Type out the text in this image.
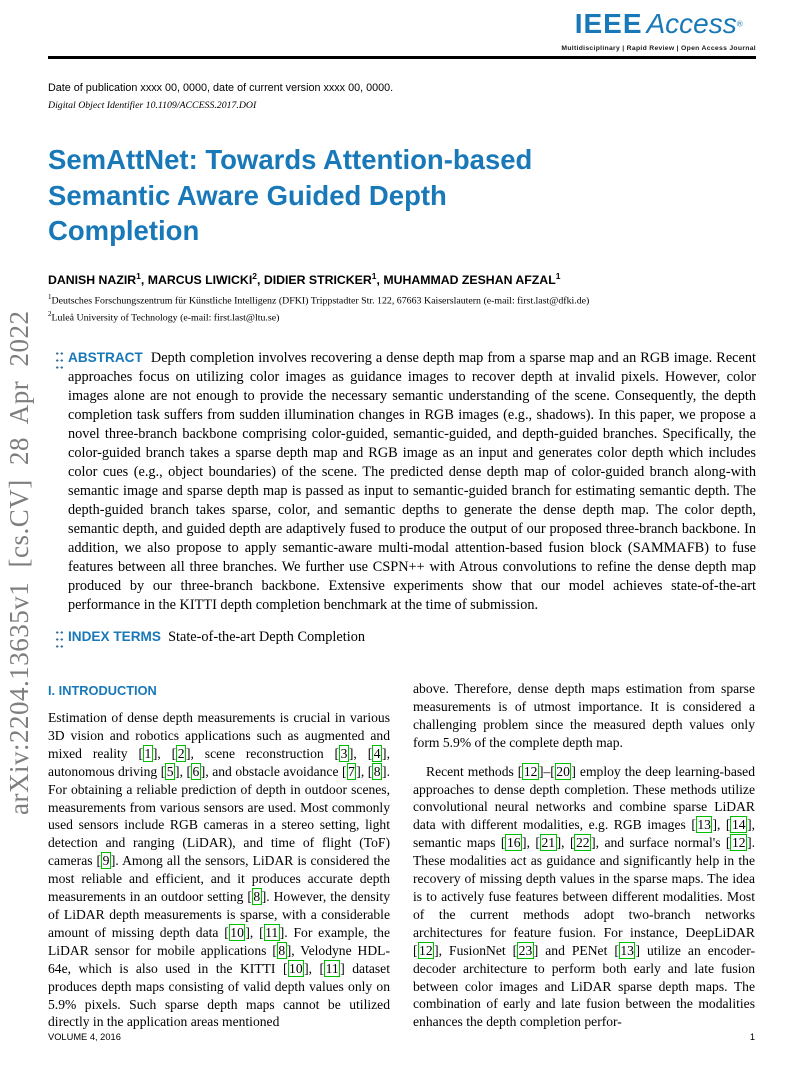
IEEE Access®
Multidisciplinary | Rapid Review | Open Access Journal
Date of publication xxxx 00, 0000, date of current version xxxx 00, 0000.
Digital Object Identifier 10.1109/ACCESS.2017.DOI
arXiv:2204.13635v1 [cs.CV] 28 Apr 2022
SemAttNet: Towards Attention-based
Semantic Aware Guided Depth
Completion
DANISH NAZIR$^1$, MARCUS LIWICKI$^2$, DIDIER STRICKER$^1$, MUHAMMAD ZESHAN AFZAL$^1$
$^1$Deutsches Forschungszentrum für Künstliche Intelligenz (DFKI) Trippstadter Str. 122, 67663 Kaiserslautern (e-mail: first.last@dfki.de)
$^2$Luleå University of Technology (e-mail: first.last@ltu.se)

ABSTRACT Depth completion involves recovering a dense depth map from a sparse map and an RGB image. Recent approaches focus on utilizing color images as guidance images to recover depth at invalid pixels. However, color images alone are not enough to provide the necessary semantic understanding of the scene. Consequently, the depth completion task suffers from sudden illumination changes in RGB images (e.g., shadows). In this paper, we propose a novel three-branch backbone comprising color-guided, semantic-guided, and depth-guided branches. Specifically, the color-guided branch takes a sparse depth map and RGB image as an input and generates color depth which includes color cues (e.g., object boundaries) of the scene. The predicted dense depth map of color-guided branch along-with semantic image and sparse depth map is passed as input to semantic-guided branch for estimating semantic depth. The depth-guided branch takes sparse, color, and semantic depths to generate the dense depth map. The color depth, semantic depth, and guided depth are adaptively fused to produce the output of our proposed three-branch backbone. In addition, we also propose to apply semantic-aware multi-modal attention-based fusion block (SAMMAFB) to fuse features between all three branches. We further use CSPN++ with Atrous convolutions to refine the dense depth map produced by our three-branch backbone. Extensive experiments show that our model achieves state-of-the-art performance in the KITTI depth completion benchmark at the time of submission.

INDEX TERMS State-of-the-art Depth Completion

I. INTRODUCTION

Estimation of dense depth measurements is crucial in various 3D vision and robotics applications such as augmented and mixed reality [ 1 ], [ 2 ], scene reconstruction [ 3 ], [ 4 ], autonomous driving [ 5 ], [ 6 ], and obstacle avoidance [ 7 ], [ 8 ]. For obtaining a reliable prediction of depth in outdoor scenes, measurements from various sensors are used. Most commonly used sensors include RGB cameras in a stereo setting, light detection and ranging (LiDAR), and time of flight (ToF) cameras [ 9 ]. Among all the sensors, LiDAR is considered the most reliable and efficient, and it produces accurate depth measurements in an outdoor setting [ 8 ]. However, the density of LiDAR depth measurements is sparse, with a considerable amount of missing depth data [ 10 ], [ 11 ]. For example, the LiDAR sensor for mobile applications [ 8 ], Velodyne HDL-64e, which is also used in the KITTI [ 10 ], [ 11 ] dataset produces depth maps consisting of valid depth values only on 5.9% pixels. Such sparse depth maps cannot be utilized directly in the application areas mentioned

above. Therefore, dense depth maps estimation from sparse measurements is of utmost importance. It is considered a challenging problem since the measured depth values only form 5.9% of the complete depth map.

Recent methods [ 12 ]–[ 20 ] employ the deep learning-based approaches to dense depth completion. These methods utilize convolutional neural networks and combine sparse LiDAR data with different modalities, e.g. RGB images [ 13 ], [ 14 ], semantic maps [ 16 ], [ 21 ], [ 22 ], and surface normal's [ 12 ]. These modalities act as guidance and significantly help in the recovery of missing depth values in the sparse maps. The idea is to actively fuse features between different modalities. Most of the current methods adopt two-branch networks architectures for feature fusion. For instance, DeepLiDAR [ 12 ], FusionNet [ 23 ] and PENet [ 13 ] utilize an encoder-decoder architecture to perform both early and late fusion between color images and LiDAR sparse depth maps. The combination of early and late fusion between the modalities enhances the depth completion perfor-

VOLUME 4, 2016	1
